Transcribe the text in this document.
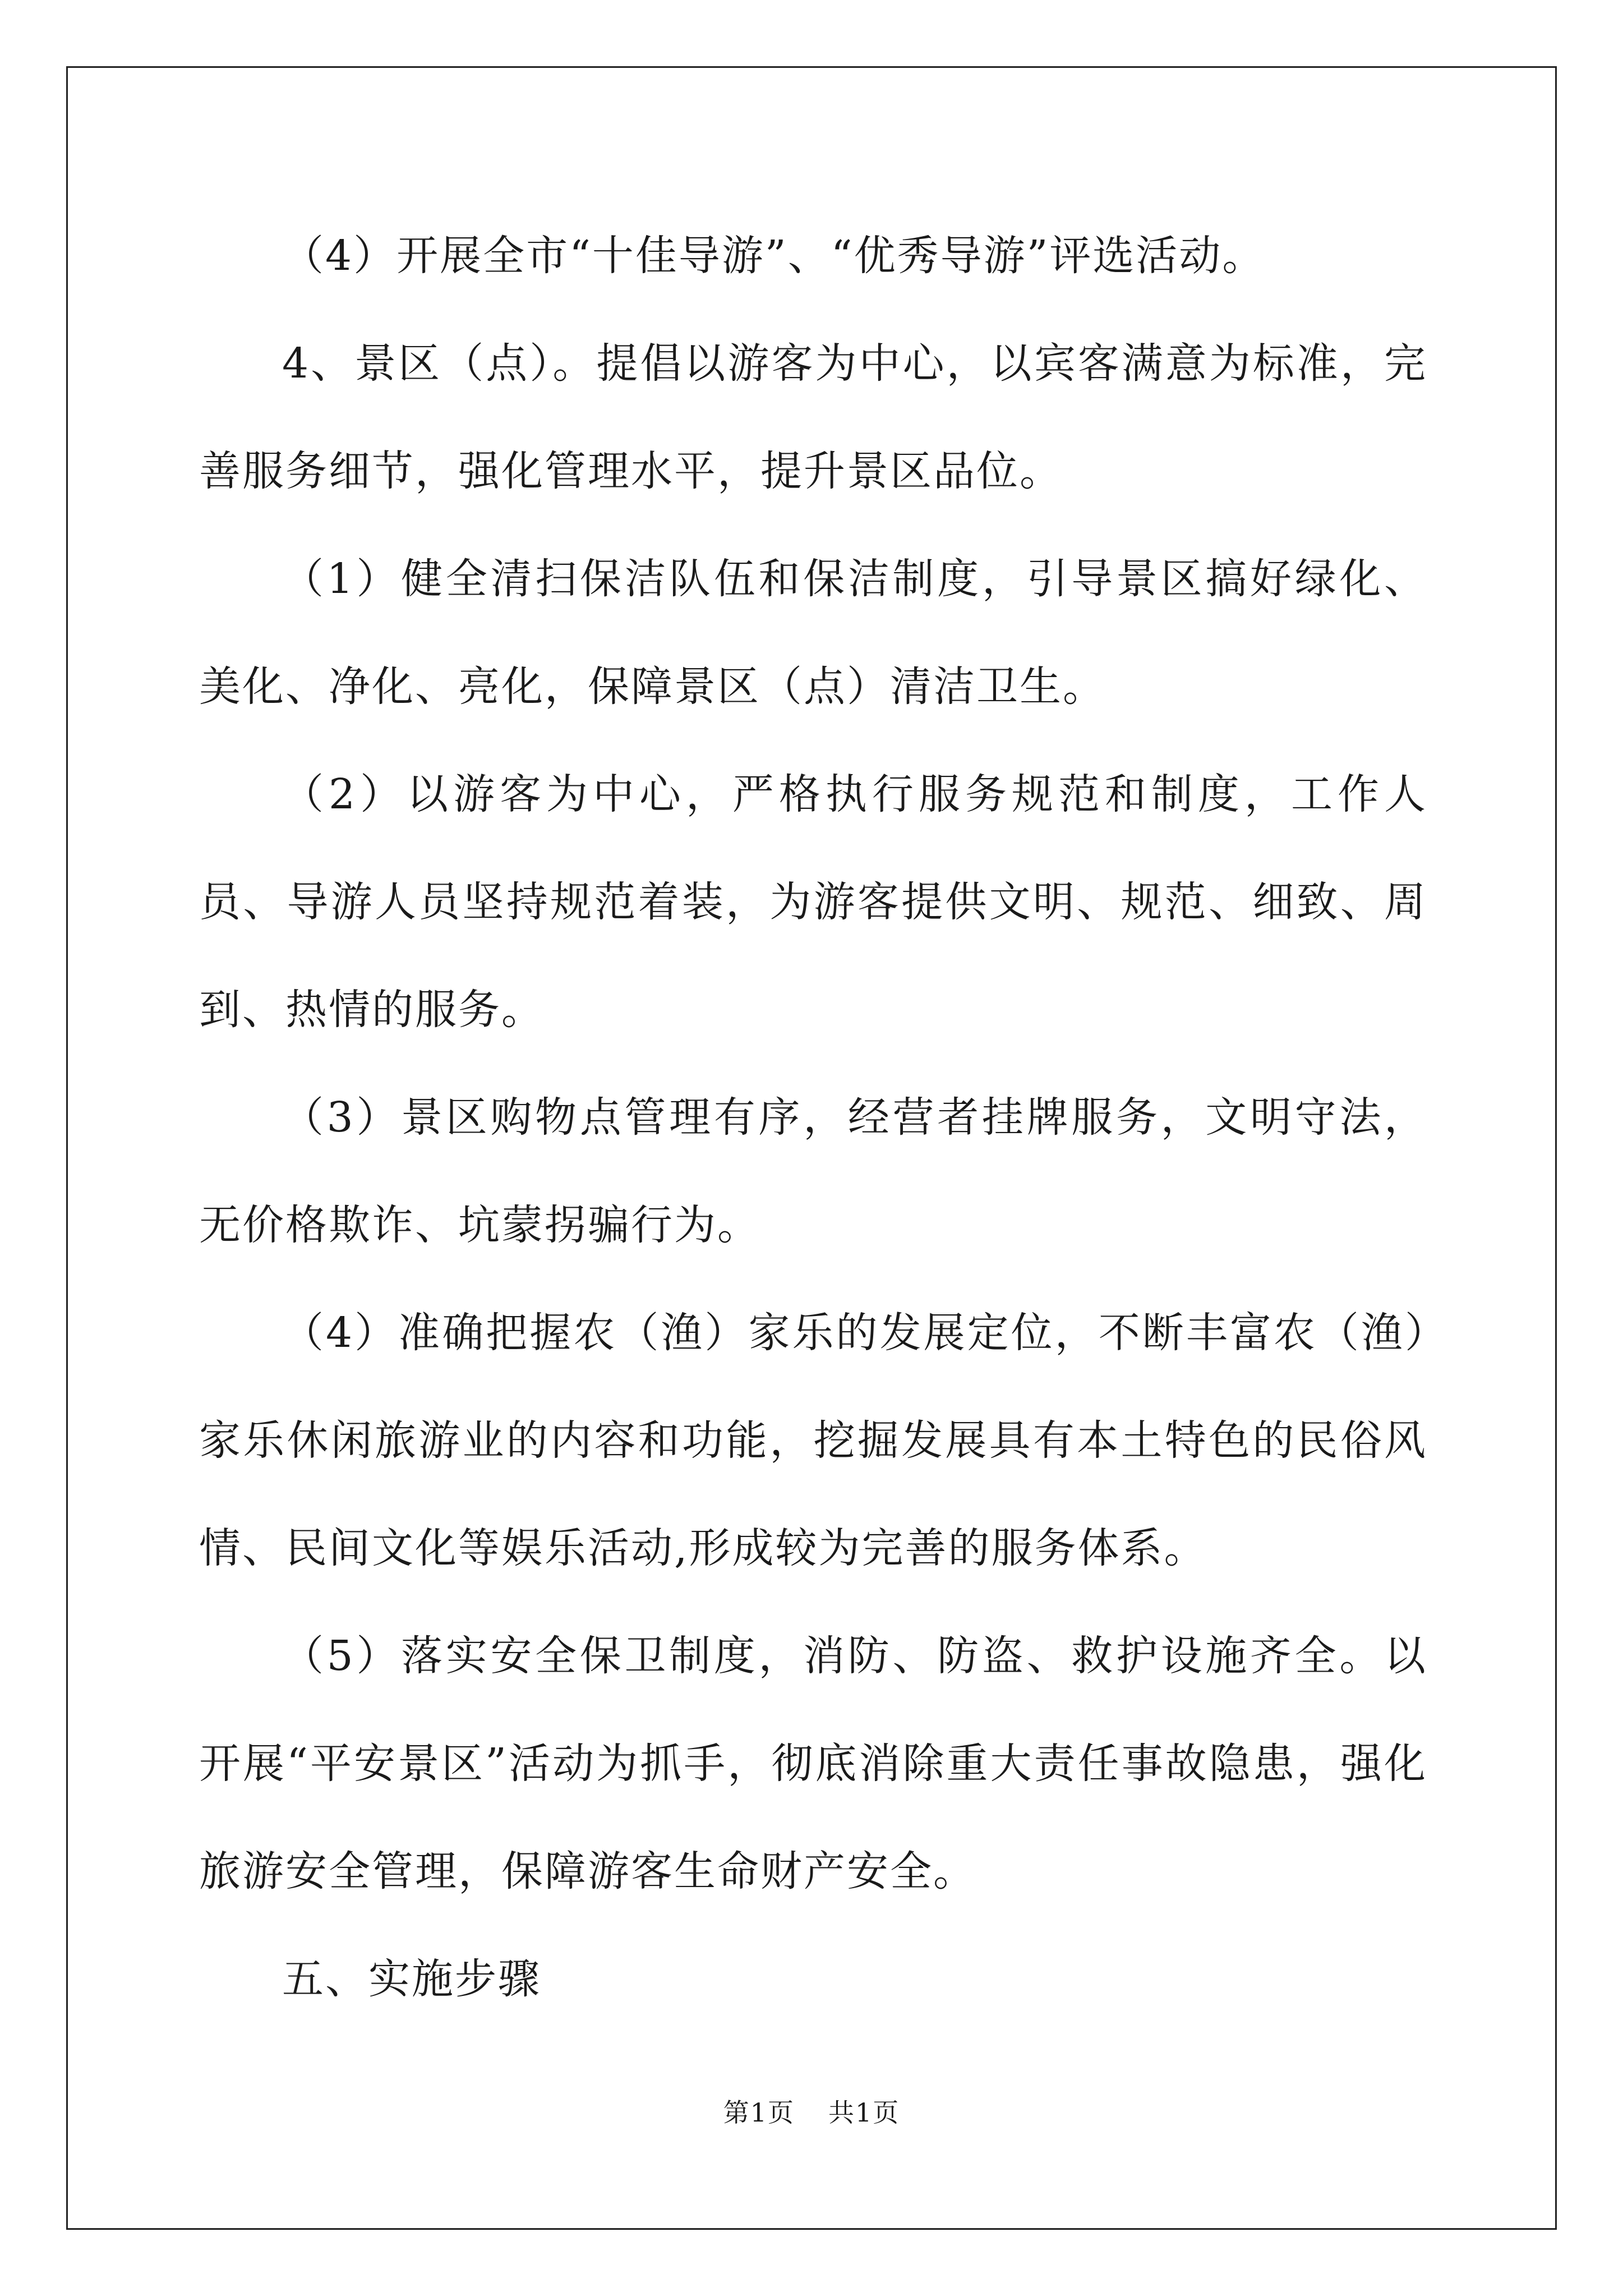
（4）开展全市“十佳导游”、“优秀导游”评选活动。

4、景区（点）。提倡以游客为中心，以宾客满意为标准，完善服务细节，强化管理水平，提升景区品位。

（1）健全清扫保洁队伍和保洁制度，引导景区搞好绿化、美化、净化、亮化，保障景区（点）清洁卫生。

（2）以游客为中心，严格执行服务规范和制度，工作人员、导游人员坚持规范着装，为游客提供文明、规范、细致、周到、热情的服务。

（3）景区购物点管理有序，经营者挂牌服务，文明守法，无价格欺诈、坑蒙拐骗行为。

（4）准确把握农（渔）家乐的发展定位，不断丰富农（渔）家乐休闲旅游业的内容和功能，挖掘发展具有本土特色的民俗风情、民间文化等娱乐活动,形成较为完善的服务体系。

（5）落实安全保卫制度，消防、防盗、救护设施齐全。以开展“平安景区”活动为抓手，彻底消除重大责任事故隐患，强化旅游安全管理，保障游客生命财产安全。

五、实施步骤

第1页 共1页
